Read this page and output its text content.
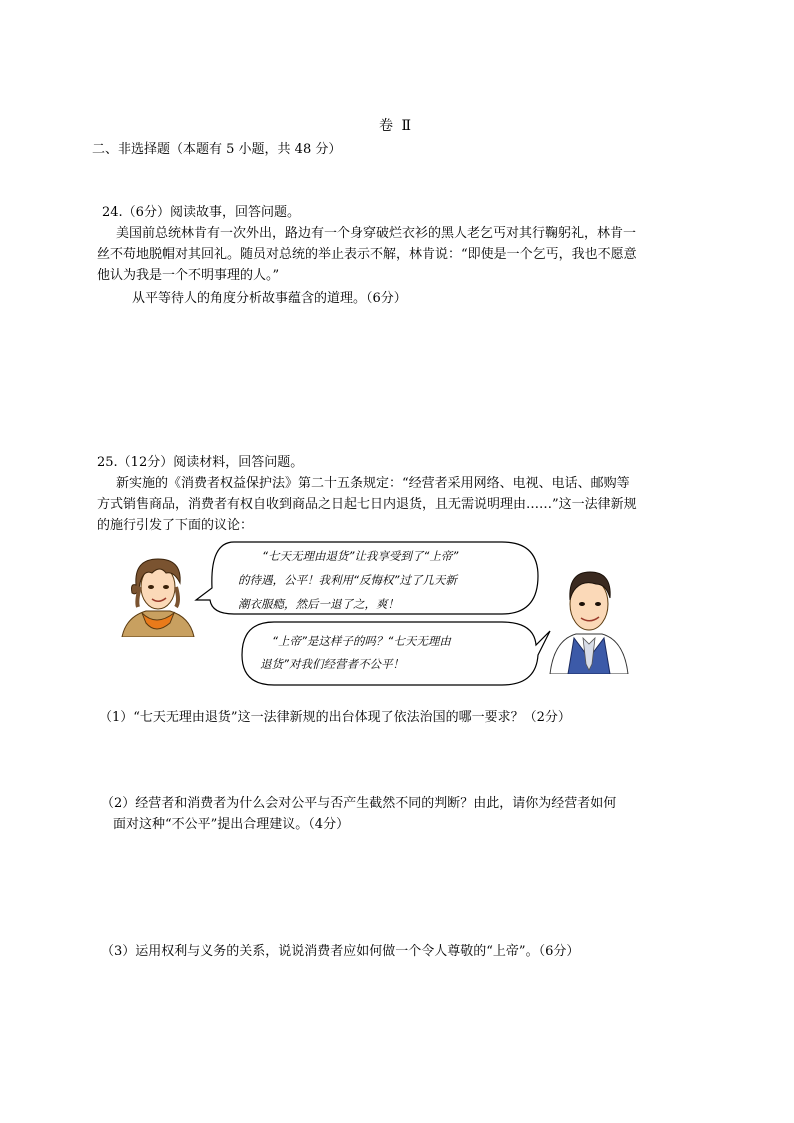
卷 Ⅱ
二、非选择题（本题有 5 小题，共 48 分）
24.（6分）阅读故事，回答问题。
美国前总统林肯有一次外出，路边有一个身穿破烂衣衫的黑人老乞丐对其行鞠躬礼，林肯一
丝不苟地脱帽对其回礼。随员对总统的举止表示不解，林肯说：“即使是一个乞丐，我也不愿意
他认为我是一个不明事理的人。”
从平等待人的角度分析故事蕴含的道理。（6分）
25.（12分）阅读材料，回答问题。
新实施的《消费者权益保护法》第二十五条规定：“经营者采用网络、电视、电话、邮购等
方式销售商品，消费者有权自收到商品之日起七日内退货，且无需说明理由……”这一法律新规
的施行引发了下面的议论：
“七天无理由退货”让我享受到了“上帝”
的待遇，公平！我利用“反悔权”过了几天新
潮衣服瘾，然后一退了之，爽！
“上帝”是这样子的吗？“七天无理由
退货”对我们经营者不公平！
（1）“七天无理由退货”这一法律新规的出台体现了依法治国的哪一要求？（2分）
（2）经营者和消费者为什么会对公平与否产生截然不同的判断？由此，请你为经营者如何
面对这种“不公平”提出合理建议。（4分）
（3）运用权利与义务的关系，说说消费者应如何做一个令人尊敬的“上帝”。（6分）
